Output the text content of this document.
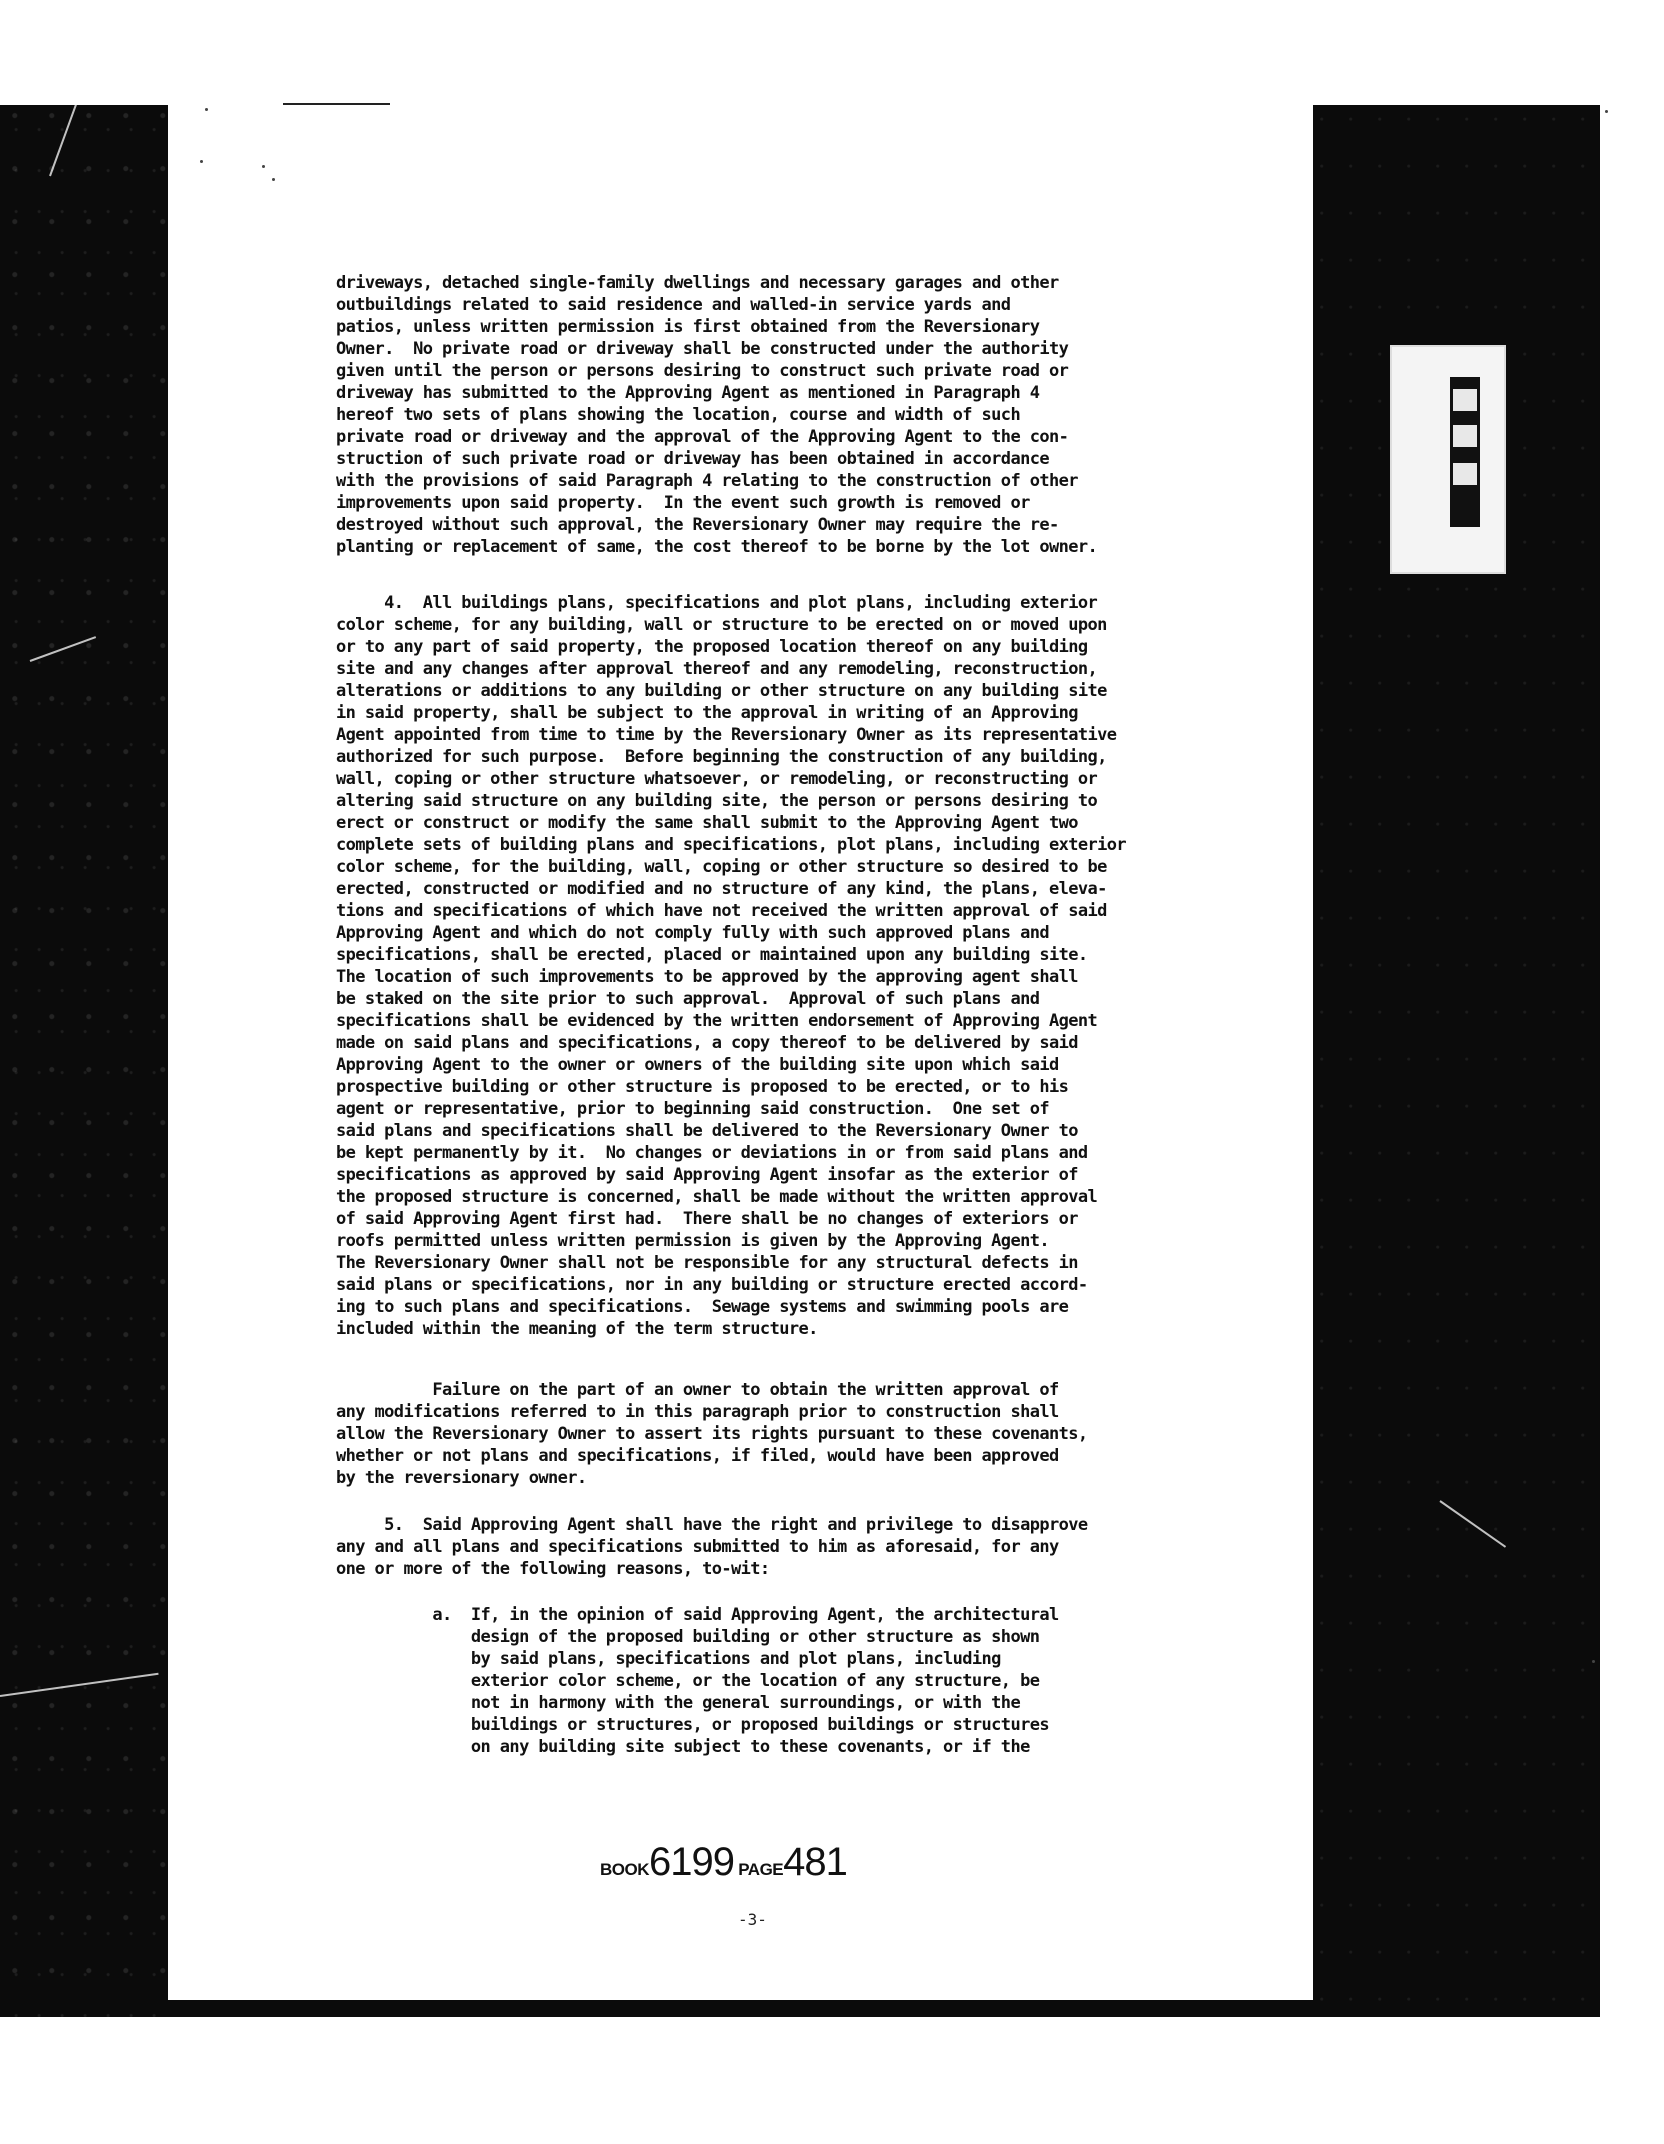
driveways, detached single-family dwellings and necessary garages and other
outbuildings related to said residence and walled-in service yards and
patios, unless written permission is first obtained from the Reversionary
Owner.  No private road or driveway shall be constructed under the authority
given until the person or persons desiring to construct such private road or
driveway has submitted to the Approving Agent as mentioned in Paragraph 4
hereof two sets of plans showing the location, course and width of such
private road or driveway and the approval of the Approving Agent to the con-
struction of such private road or driveway has been obtained in accordance
with the provisions of said Paragraph 4 relating to the construction of other
improvements upon said property.  In the event such growth is removed or
destroyed without such approval, the Reversionary Owner may require the re-
planting or replacement of same, the cost thereof to be borne by the lot owner.
4.  All buildings plans, specifications and plot plans, including exterior
color scheme, for any building, wall or structure to be erected on or moved upon
or to any part of said property, the proposed location thereof on any building
site and any changes after approval thereof and any remodeling, reconstruction,
alterations or additions to any building or other structure on any building site
in said property, shall be subject to the approval in writing of an Approving
Agent appointed from time to time by the Reversionary Owner as its representative
authorized for such purpose.  Before beginning the construction of any building,
wall, coping or other structure whatsoever, or remodeling, or reconstructing or
altering said structure on any building site, the person or persons desiring to
erect or construct or modify the same shall submit to the Approving Agent two
complete sets of building plans and specifications, plot plans, including exterior
color scheme, for the building, wall, coping or other structure so desired to be
erected, constructed or modified and no structure of any kind, the plans, eleva-
tions and specifications of which have not received the written approval of said
Approving Agent and which do not comply fully with such approved plans and
specifications, shall be erected, placed or maintained upon any building site.
The location of such improvements to be approved by the approving agent shall
be staked on the site prior to such approval.  Approval of such plans and
specifications shall be evidenced by the written endorsement of Approving Agent
made on said plans and specifications, a copy thereof to be delivered by said
Approving Agent to the owner or owners of the building site upon which said
prospective building or other structure is proposed to be erected, or to his
agent or representative, prior to beginning said construction.  One set of
said plans and specifications shall be delivered to the Reversionary Owner to
be kept permanently by it.  No changes or deviations in or from said plans and
specifications as approved by said Approving Agent insofar as the exterior of
the proposed structure is concerned, shall be made without the written approval
of said Approving Agent first had.  There shall be no changes of exteriors or
roofs permitted unless written permission is given by the Approving Agent.
The Reversionary Owner shall not be responsible for any structural defects in
said plans or specifications, nor in any building or structure erected accord-
ing to such plans and specifications.  Sewage systems and swimming pools are
included within the meaning of the term structure.
Failure on the part of an owner to obtain the written approval of
any modifications referred to in this paragraph prior to construction shall
allow the Reversionary Owner to assert its rights pursuant to these covenants,
whether or not plans and specifications, if filed, would have been approved
by the reversionary owner.
5.  Said Approving Agent shall have the right and privilege to disapprove
any and all plans and specifications submitted to him as aforesaid, for any
one or more of the following reasons, to-wit:
a.  If, in the opinion of said Approving Agent, the architectural
design of the proposed building or other structure as shown
by said plans, specifications and plot plans, including
exterior color scheme, or the location of any structure, be
not in harmony with the general surroundings, or with the
buildings or structures, or proposed buildings or structures
on any building site subject to these covenants, or if the
BOOK6199 PAGE481
-3-
